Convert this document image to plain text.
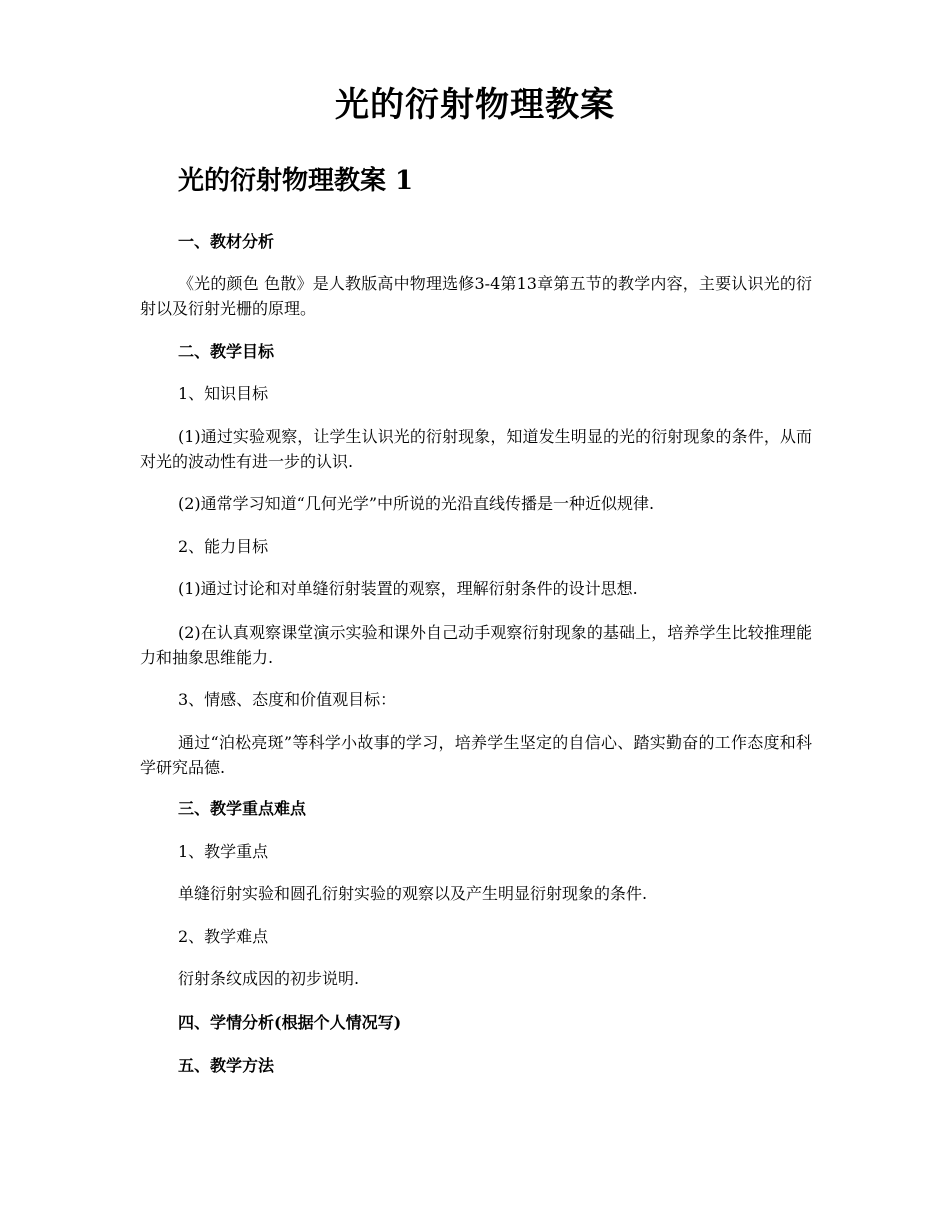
光的衍射物理教案
光的衍射物理教案 1
一、教材分析
《光的颜色 色散》是人教版高中物理选修3-4第13章第五节的教学内容，主要认识光的衍射以及衍射光栅的原理。
二、教学目标
1、知识目标
(1)通过实验观察，让学生认识光的衍射现象，知道发生明显的光的衍射现象的条件，从而对光的波动性有进一步的认识.
(2)通常学习知道“几何光学”中所说的光沿直线传播是一种近似规律.
2、能力目标
(1)通过讨论和对单缝衍射装置的观察，理解衍射条件的设计思想.
(2)在认真观察课堂演示实验和课外自己动手观察衍射现象的基础上，培养学生比较推理能力和抽象思维能力.
3、情感、态度和价值观目标：
通过“泊松亮斑”等科学小故事的学习，培养学生坚定的自信心、踏实勤奋的工作态度和科学研究品德.
三、教学重点难点
1、教学重点
单缝衍射实验和圆孔衍射实验的观察以及产生明显衍射现象的条件.
2、教学难点
衍射条纹成因的初步说明.
四、学情分析(根据个人情况写)
五、教学方法
